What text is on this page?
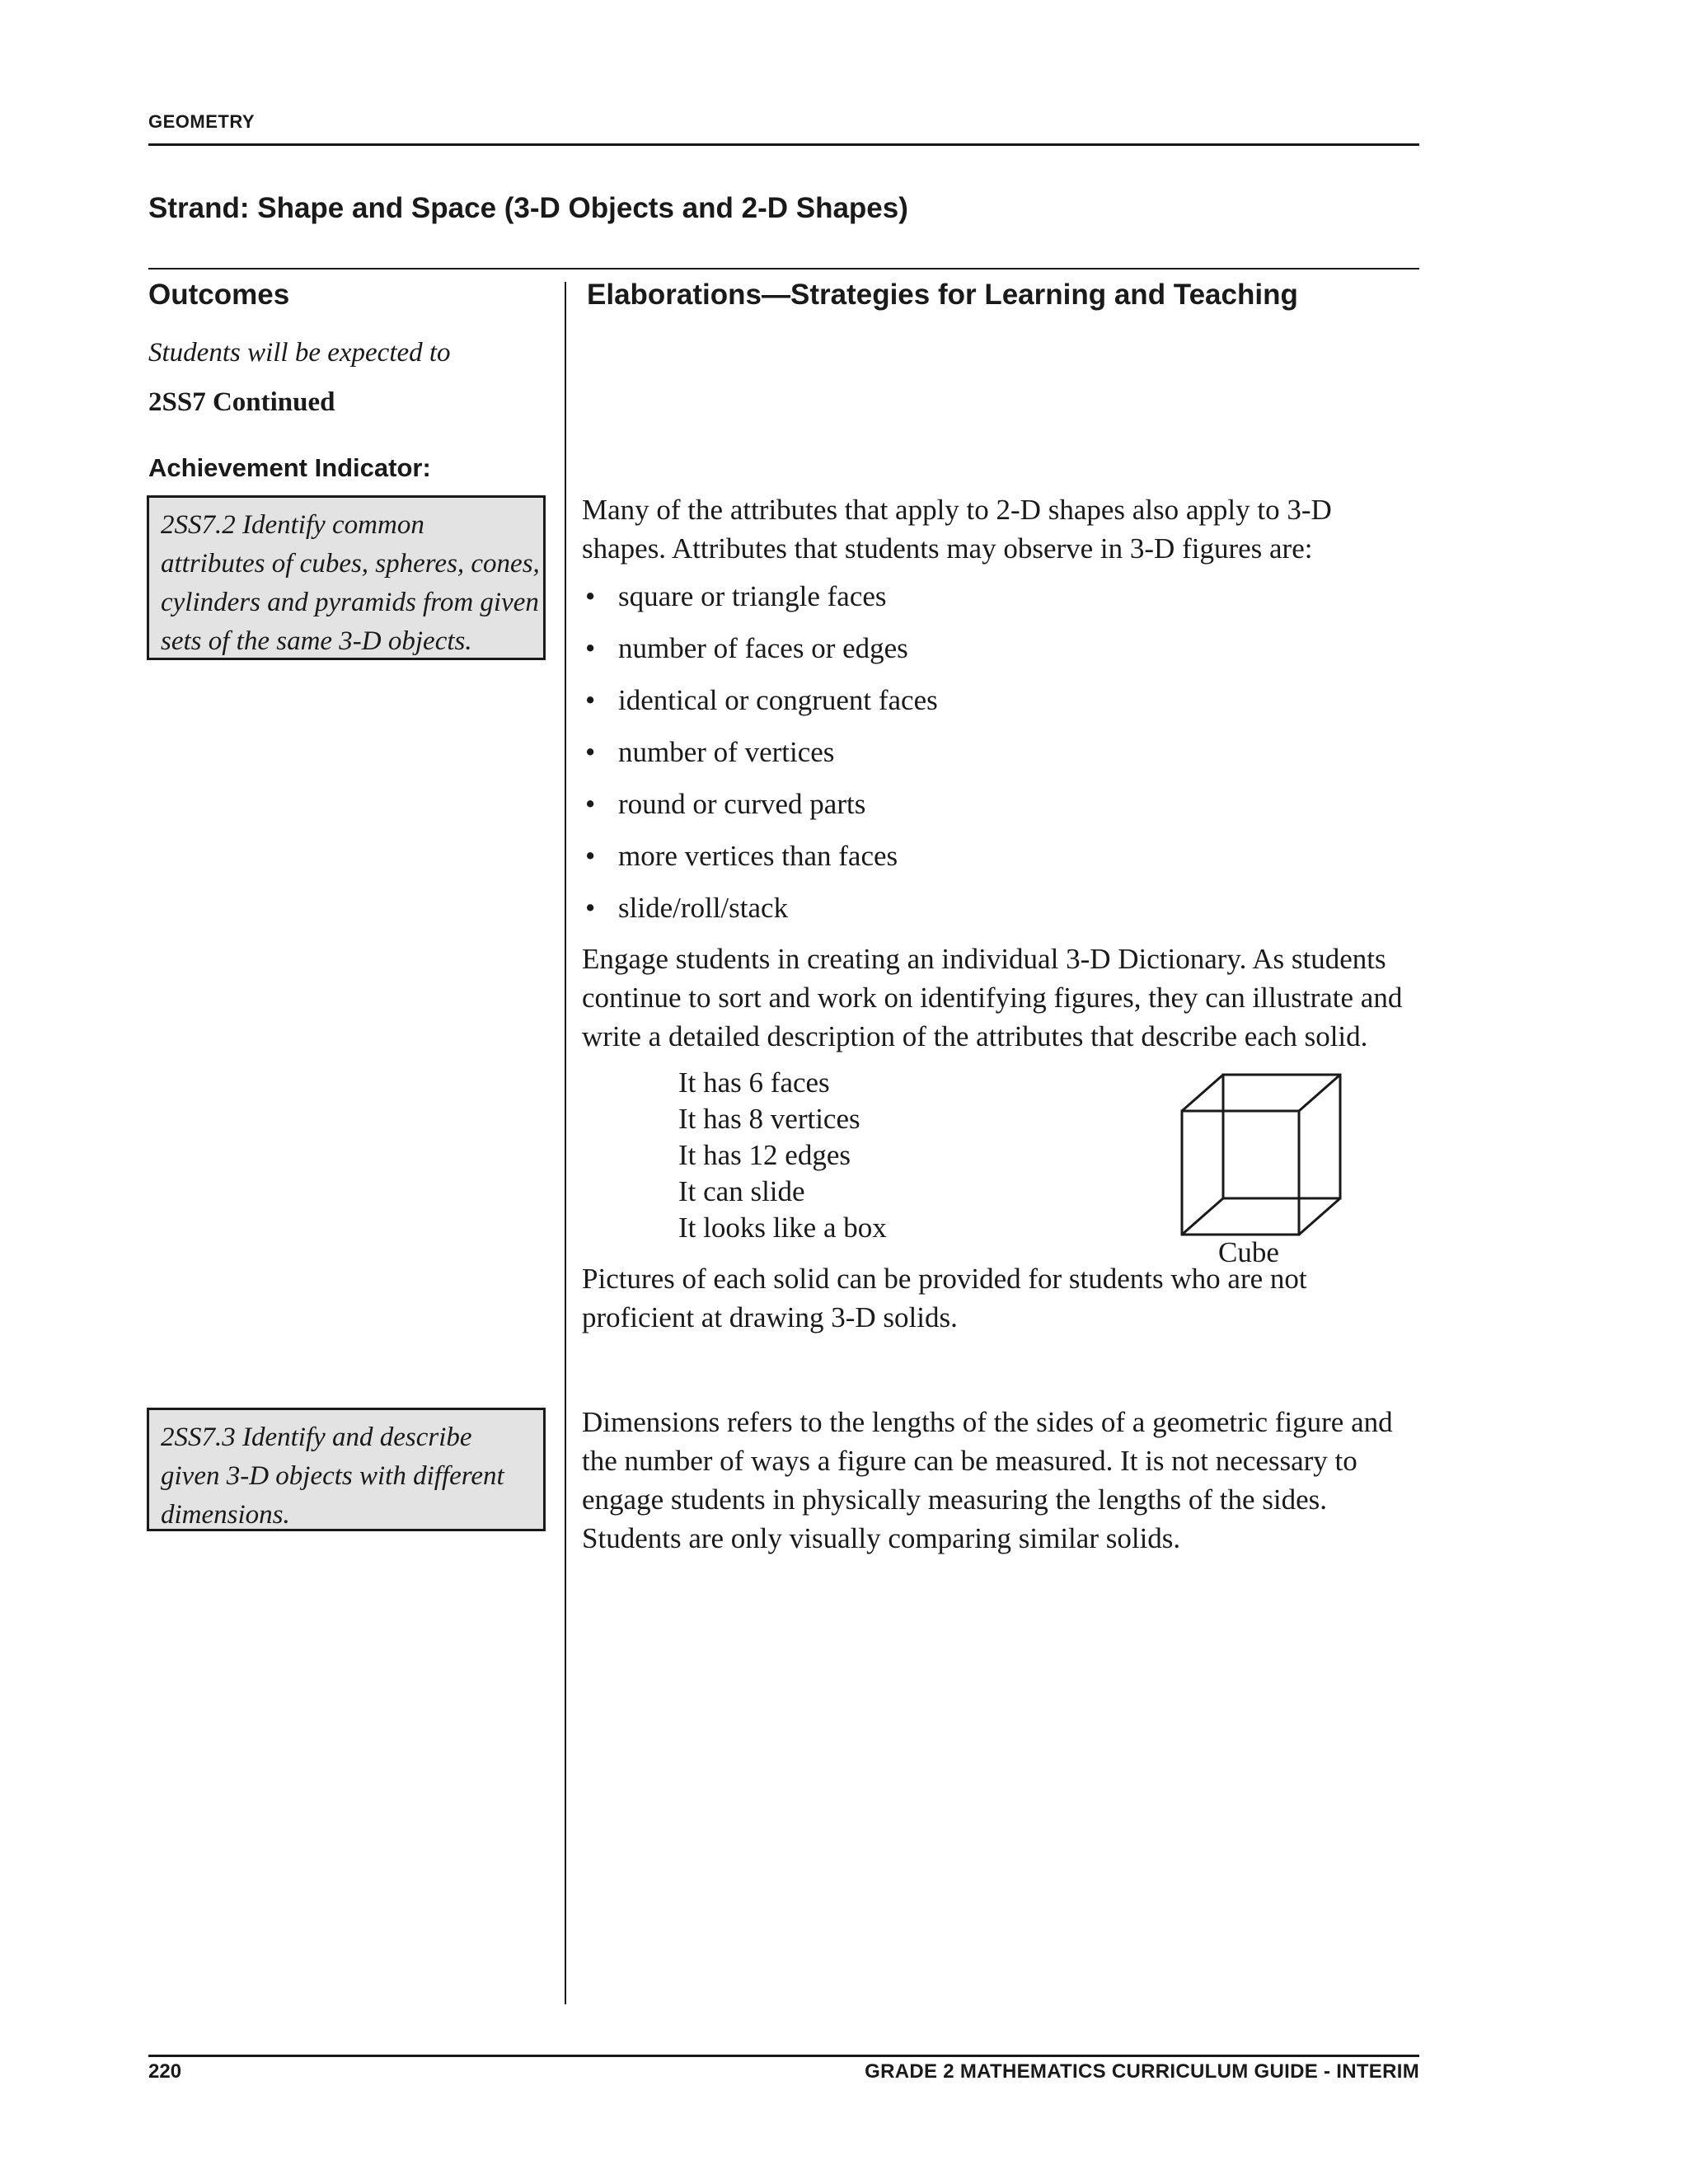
GEOMETRY
Strand: Shape and Space (3-D Objects and 2-D Shapes)
Outcomes
Students will be expected to
2SS7 Continued
Achievement Indicator:
2SS7.2 Identify common
attributes of cubes, spheres, cones,
cylinders and pyramids from given
sets of the same 3-D objects.
2SS7.3 Identify and describe
given 3-D objects with different
dimensions.
Elaborations—Strategies for Learning and Teaching
Many of the attributes that apply to 2-D shapes also apply to 3-D shapes. Attributes that students may observe in 3-D figures are:
• square or triangle faces
• number of faces or edges
• identical or congruent faces
• number of vertices
• round or curved parts
• more vertices than faces
• slide/roll/stack
Engage students in creating an individual 3-D Dictionary. As students continue to sort and work on identifying figures, they can illustrate and write a detailed description of the attributes that describe each solid.
It has 6 faces
It has 8 vertices
It has 12 edges
It can slide
It looks like a box
Cube
Pictures of each solid can be provided for students who are not proficient at drawing 3-D solids.
Dimensions refers to the lengths of the sides of a geometric figure and the number of ways a figure can be measured. It is not necessary to engage students in physically measuring the lengths of the sides. Students are only visually comparing similar solids.
220	GRADE 2 MATHEMATICS CURRICULUM GUIDE - INTERIM
